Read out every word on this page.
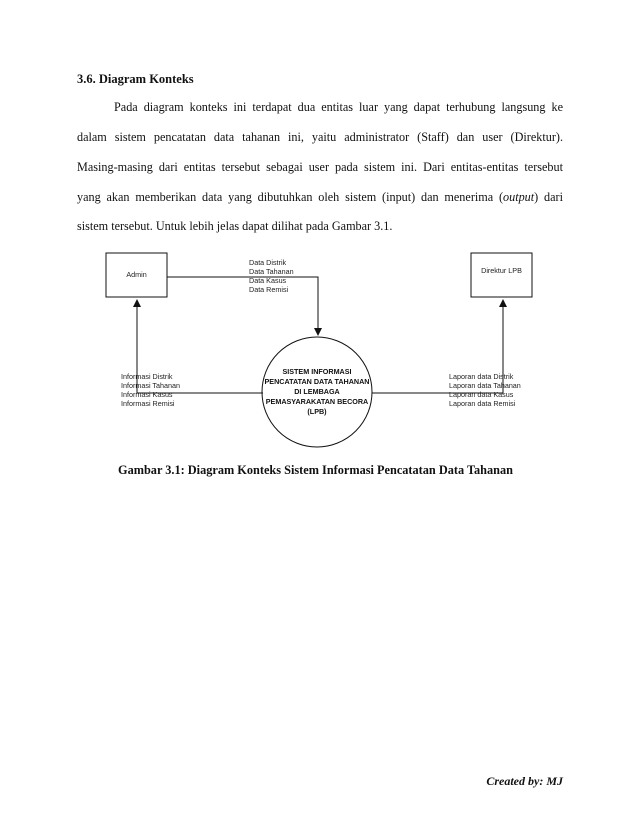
3.6. Diagram Konteks
Pada diagram konteks ini terdapat dua entitas luar yang dapat terhubung langsung ke
dalam sistem pencatatan data tahanan ini, yaitu administrator (Staff) dan user (Direktur).
Masing-masing dari entitas tersebut sebagai user pada sistem ini. Dari entitas-entitas tersebut
yang akan memberikan data yang dibutuhkan oleh sistem (input) dan menerima (output) dari
sistem tersebut. Untuk lebih jelas dapat dilihat pada Gambar 3.1.
Admin	Direktur LPB
Data Distrik
Data Tahanan
Data Kasus
Data Remisi
Informasi Distrik
Informasi Tahanan
Informasi Kasus
Informasi Remisi
Laporan data Distrik
Laporan data Tahanan
Laporan data Kasus
Laporan data Remisi
SISTEM INFORMASI
PENCATATAN DATA TAHANAN
DI LEMBAGA
PEMASYARAKATAN BECORA
(LPB)
Gambar 3.1: Diagram Konteks Sistem Informasi Pencatatan Data Tahanan
Created by: MJ
